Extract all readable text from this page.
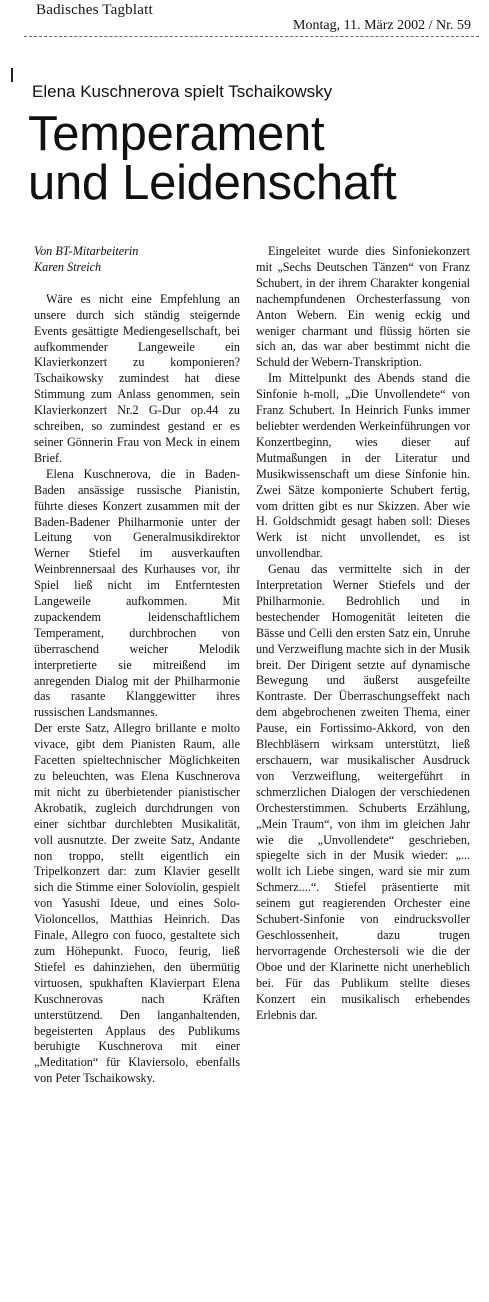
Badisches Tagblatt
Montag, 11. März 2002 / Nr. 59
Elena Kuschnerova spielt Tschaikowsky
Temperament
und Leidenschaft

Von BT-Mitarbeiterin
Karen Streich

Wäre es nicht eine Empfehlung an unsere durch sich ständig steigernde Events gesättigte Mediengesellschaft, bei aufkommender Langeweile ein Klavierkonzert zu komponieren? Tschaikowsky zumindest hat diese Stimmung zum Anlass genommen, sein Klavierkonzert Nr.2 G-Dur op.44 zu schreiben, so zumindest gestand er es seiner Gönnerin Frau von Meck in einem Brief.

Elena Kuschnerova, die in Baden-Baden ansässige russische Pianistin, führte dieses Konzert zusammen mit der Baden-Badener Philharmonie unter der Leitung von Generalmusikdirektor Werner Stiefel im ausverkauften Weinbrennersaal des Kurhauses vor, ihr Spiel ließ nicht im Entferntesten Langeweile aufkommen. Mit zupackendem leidenschaftlichem Temperament, durchbrochen von überraschend weicher Melodik interpretierte sie mitreißend im anregenden Dialog mit der Philharmonie das rasante Klanggewitter ihres russischen Landsmannes.

Der erste Satz, Allegro brillante e molto vivace, gibt dem Pianisten Raum, alle Facetten spieltechnischer Möglichkeiten zu beleuchten, was Elena Kuschnerova mit nicht zu überbietender pianistischer Akrobatik, zugleich durchdrungen von einer sichtbar durchlebten Musikalität, voll ausnutzte. Der zweite Satz, Andante non troppo, stellt eigentlich ein Tripelkonzert dar: zum Klavier gesellt sich die Stimme einer Soloviolin, gespielt von Yasushi Ideue, und eines Solo-Violoncellos, Matthias Heinrich. Das Finale, Allegro con fuoco, gestaltete sich zum Höhepunkt. Fuoco, feurig, ließ Stiefel es dahinziehen, den übermütig virtuosen, spukhaften Klavierpart Elena Kuschnerovas nach Kräften unterstützend. Den langanhaltenden, begeisterten Applaus des Publikums beruhigte Kuschnerova mit einer „Meditation“ für Klaviersolo, ebenfalls von Peter Tschaikowsky.

Eingeleitet wurde dies Sinfoniekonzert mit „Sechs Deutschen Tänzen“ von Franz Schubert, in der ihrem Charakter kongenial nachempfundenen Orchesterfassung von Anton Webern. Ein wenig eckig und weniger charmant und flüssig hörten sie sich an, das war aber bestimmt nicht die Schuld der Webern-Transkription.

Im Mittelpunkt des Abends stand die Sinfonie h-moll, „Die Unvollendete“ von Franz Schubert. In Heinrich Funks immer beliebter werdenden Werkeinführungen vor Konzertbeginn, wies dieser auf Mutmaßungen in der Literatur und Musikwissenschaft um diese Sinfonie hin. Zwei Sätze komponierte Schubert fertig, vom dritten gibt es nur Skizzen. Aber wie H. Goldschmidt gesagt haben soll: Dieses Werk ist nicht unvollendet, es ist unvollendbar.

Genau das vermittelte sich in der Interpretation Werner Stiefels und der Philharmonie. Bedrohlich und in bestechender Homogenität leiteten die Bässe und Celli den ersten Satz ein, Unruhe und Verzweiflung machte sich in der Musik breit. Der Dirigent setzte auf dynamische Bewegung und äußerst ausgefeilte Kontraste. Der Überraschungseffekt nach dem abgebrochenen zweiten Thema, einer Pause, ein Fortissimo-Akkord, von den Blechbläsern wirksam unterstützt, ließ erschauern, war musikalischer Ausdruck von Verzweiflung, weitergeführt in schmerzlichen Dialogen der verschiedenen Orchesterstimmen. Schuberts Erzählung, „Mein Traum“, von ihm im gleichen Jahr wie die „Unvollendete“ geschrieben, spiegelte sich in der Musik wieder: „... wollt ich Liebe singen, ward sie mir zum Schmerz....“. Stiefel präsentierte mit seinem gut reagierenden Orchester eine Schubert-Sinfonie von eindrucksvoller Geschlossenheit, dazu trugen hervorragende Orchestersoli wie die der Oboe und der Klarinette nicht unerheblich bei. Für das Publikum stellte dieses Konzert ein musikalisch erhebendes Erlebnis dar.
